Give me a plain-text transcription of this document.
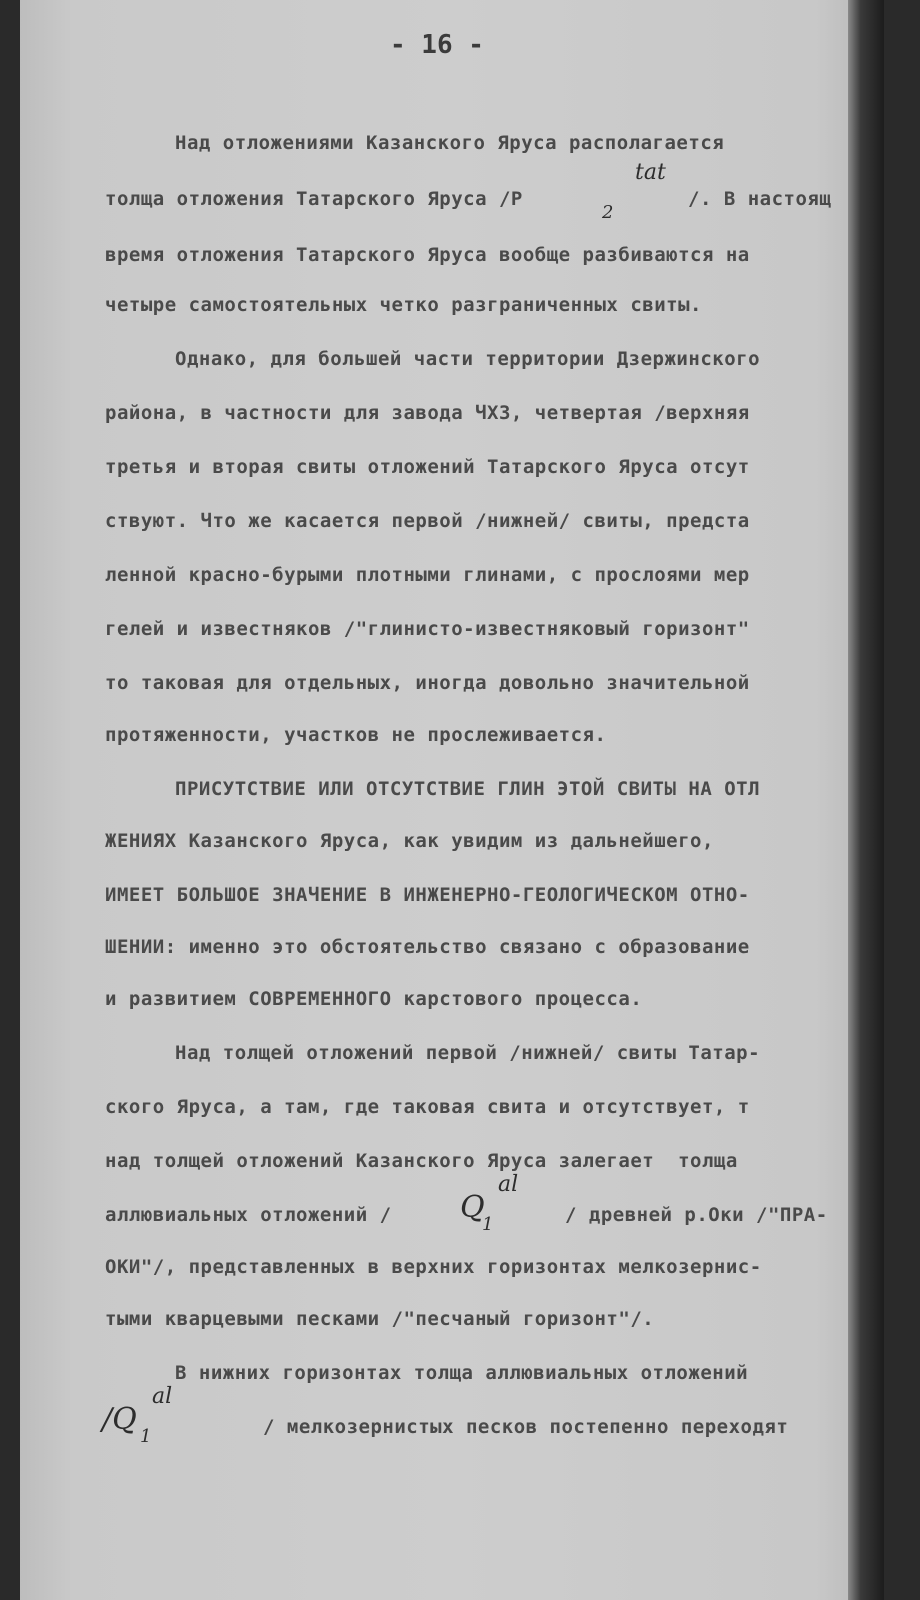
- 16 -
Над отложениями Казанского Яруса располагается
толща отложения Татарского Яруса /Р
tat
2
/. В настоящ
время отложения Татарского Яруса вообще разбиваются на
четыре самостоятельных четко разграниченных свиты.
Однако, для большей части территории Дзержинского
района, в частности для завода ЧХЗ, четвертая /верхняя
третья и вторая свиты отложений Татарского Яруса отсут
ствуют. Что же касается первой /нижней/ свиты, предста
ленной красно-бурыми плотными глинами, с прослоями мер
гелей и известняков /"глинисто-известняковый горизонт"
то таковая для отдельных, иногда довольно значительной
протяженности, участков не прослеживается.
ПРИСУТСТВИЕ ИЛИ ОТСУТСТВИЕ ГЛИН ЭТОЙ СВИТЫ НА ОТЛ
ЖЕНИЯХ Казанского Яруса, как увидим из дальнейшего,
ИМЕЕТ БОЛЬШОЕ ЗНАЧЕНИЕ В ИНЖЕНЕРНО-ГЕОЛОГИЧЕСКОМ ОТНО-
ШЕНИИ: именно это обстоятельство связано с образование
и развитием СОВРЕМЕННОГО карстового процесса.
Над толщей отложений первой /нижней/ свиты Татар-
ского Яруса, а там, где таковая свита и отсутствует, т
над толщей отложений Казанского Яруса залегает  толща
аллювиальных отложений / Q
1
al
/ древней р.Оки /"ПРА-
ОКИ"/, представленных в верхних горизонтах мелкозернис-
тыми кварцевыми песками /"песчаный горизонт"/.
В нижних горизонтах толща аллювиальных отложений
/Q 1
al
/ мелкозернистых песков постепенно переходят
